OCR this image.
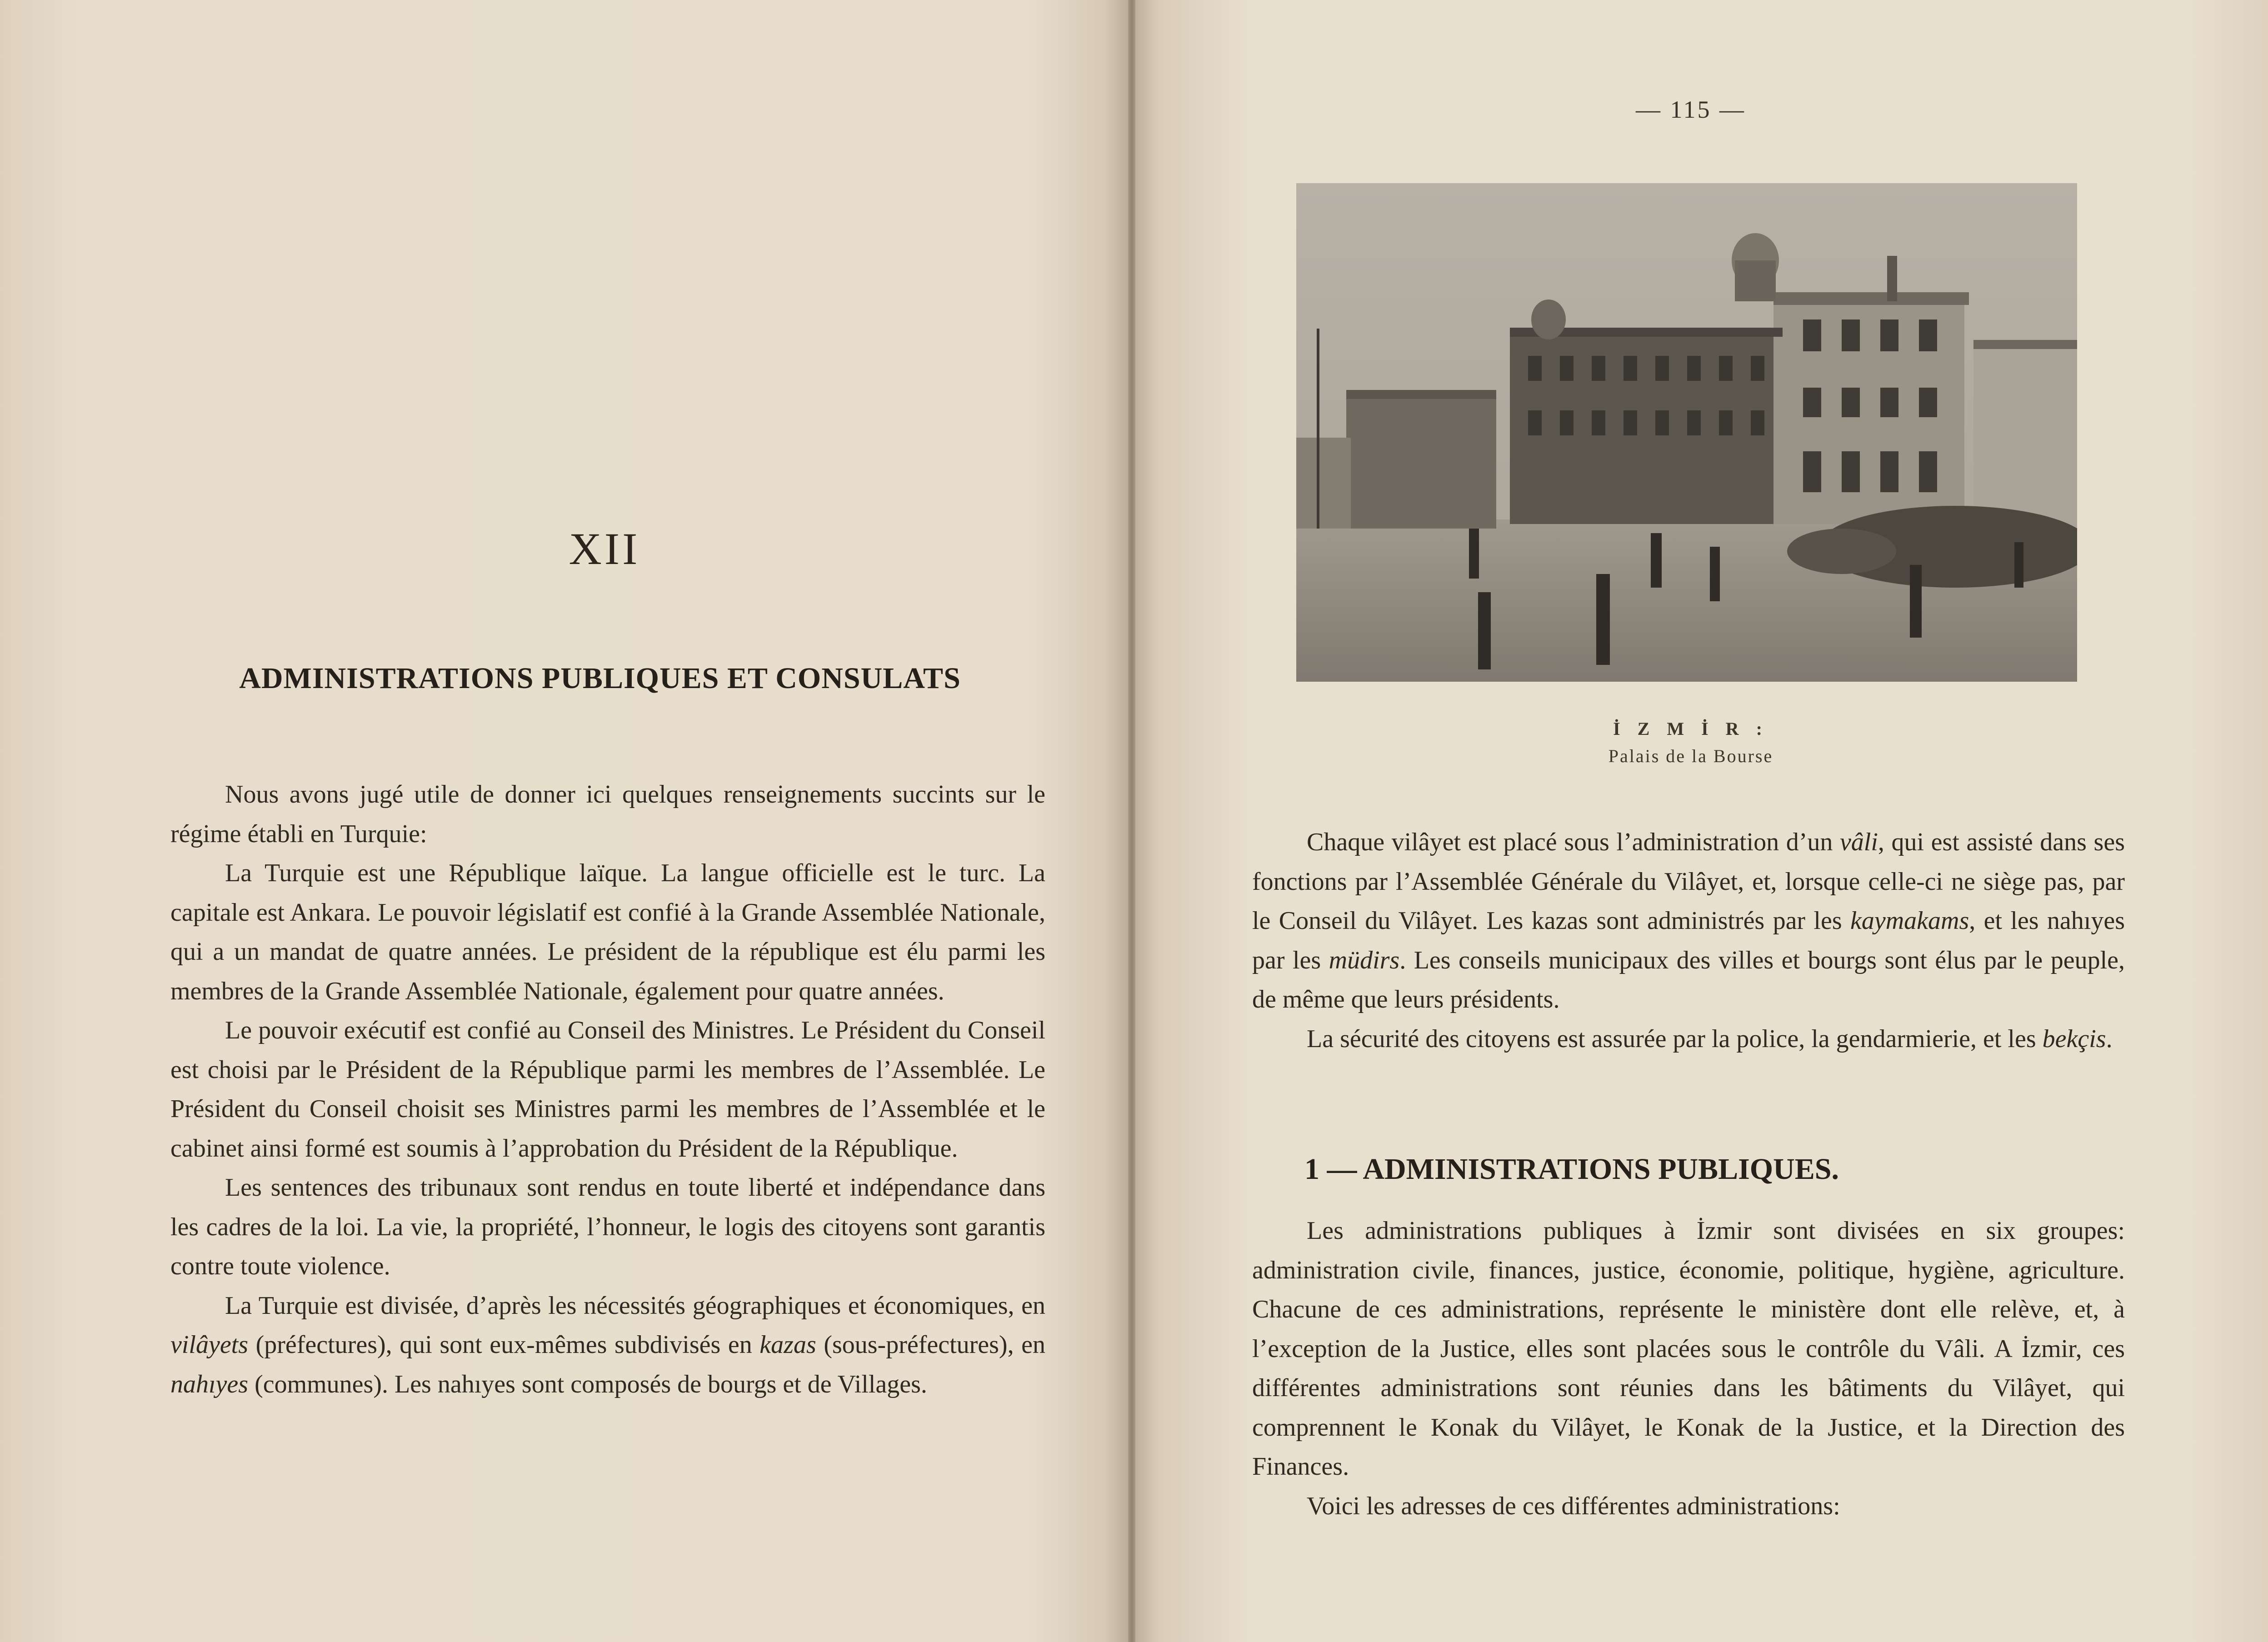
XII
ADMINISTRATIONS PUBLIQUES ET CONSULATS

Nous avons jugé utile de donner ici quelques renseignements succints sur le régime établi en Turquie:

La Turquie est une République laïque. La langue officielle est le turc. La capitale est Ankara. Le pouvoir législatif est confié à la Grande Assemblée Nationale, qui a un mandat de quatre années. Le président de la république est élu parmi les membres de la Grande Assemblée Nationale, également pour quatre années.

Le pouvoir exécutif est confié au Conseil des Ministres. Le Président du Conseil est choisi par le Président de la République parmi les membres de l’Assemblée. Le Président du Conseil choisit ses Ministres parmi les membres de l’Assemblée et le cabinet ainsi formé est soumis à l’approbation du Président de la République.

Les sentences des tribunaux sont rendus en toute liberté et indépendance dans les cadres de la loi. La vie, la propriété, l’honneur, le logis des citoyens sont garantis contre toute violence.

La Turquie est divisée, d’après les nécessités géographiques et économiques, en vilâyets (préfectures), qui sont eux-mêmes subdivisés en kazas (sous-préfectures), en nahıyes (communes). Les nahıyes sont composés de bourgs et de Villages.

— 115 —
İ Z M İ R :
Palais de la Bourse

Chaque vilâyet est placé sous l’administration d’un vâli, qui est assisté dans ses fonctions par l’Assemblée Générale du Vilâyet, et, lorsque celle-ci ne siège pas, par le Conseil du Vilâyet. Les kazas sont administrés par les kaymakams, et les nahıyes par les müdirs. Les conseils municipaux des villes et bourgs sont élus par le peuple, de même que leurs présidents.

La sécurité des citoyens est assurée par la police, la gendarmierie, et les bekçis.

1 — ADMINISTRATIONS PUBLIQUES.

Les administrations publiques à İzmir sont divisées en six groupes: administration civile, finances, justice, économie, politique, hygiène, agriculture. Chacune de ces administrations, représente le ministère dont elle relève, et, à l’exception de la Justice, elles sont placées sous le contrôle du Vâli. A İzmir, ces différentes administrations sont réunies dans les bâtiments du Vilâyet, qui comprennent le Konak du Vilâyet, le Konak de la Justice, et la Direction des Finances.

Voici les adresses de ces différentes administrations:
